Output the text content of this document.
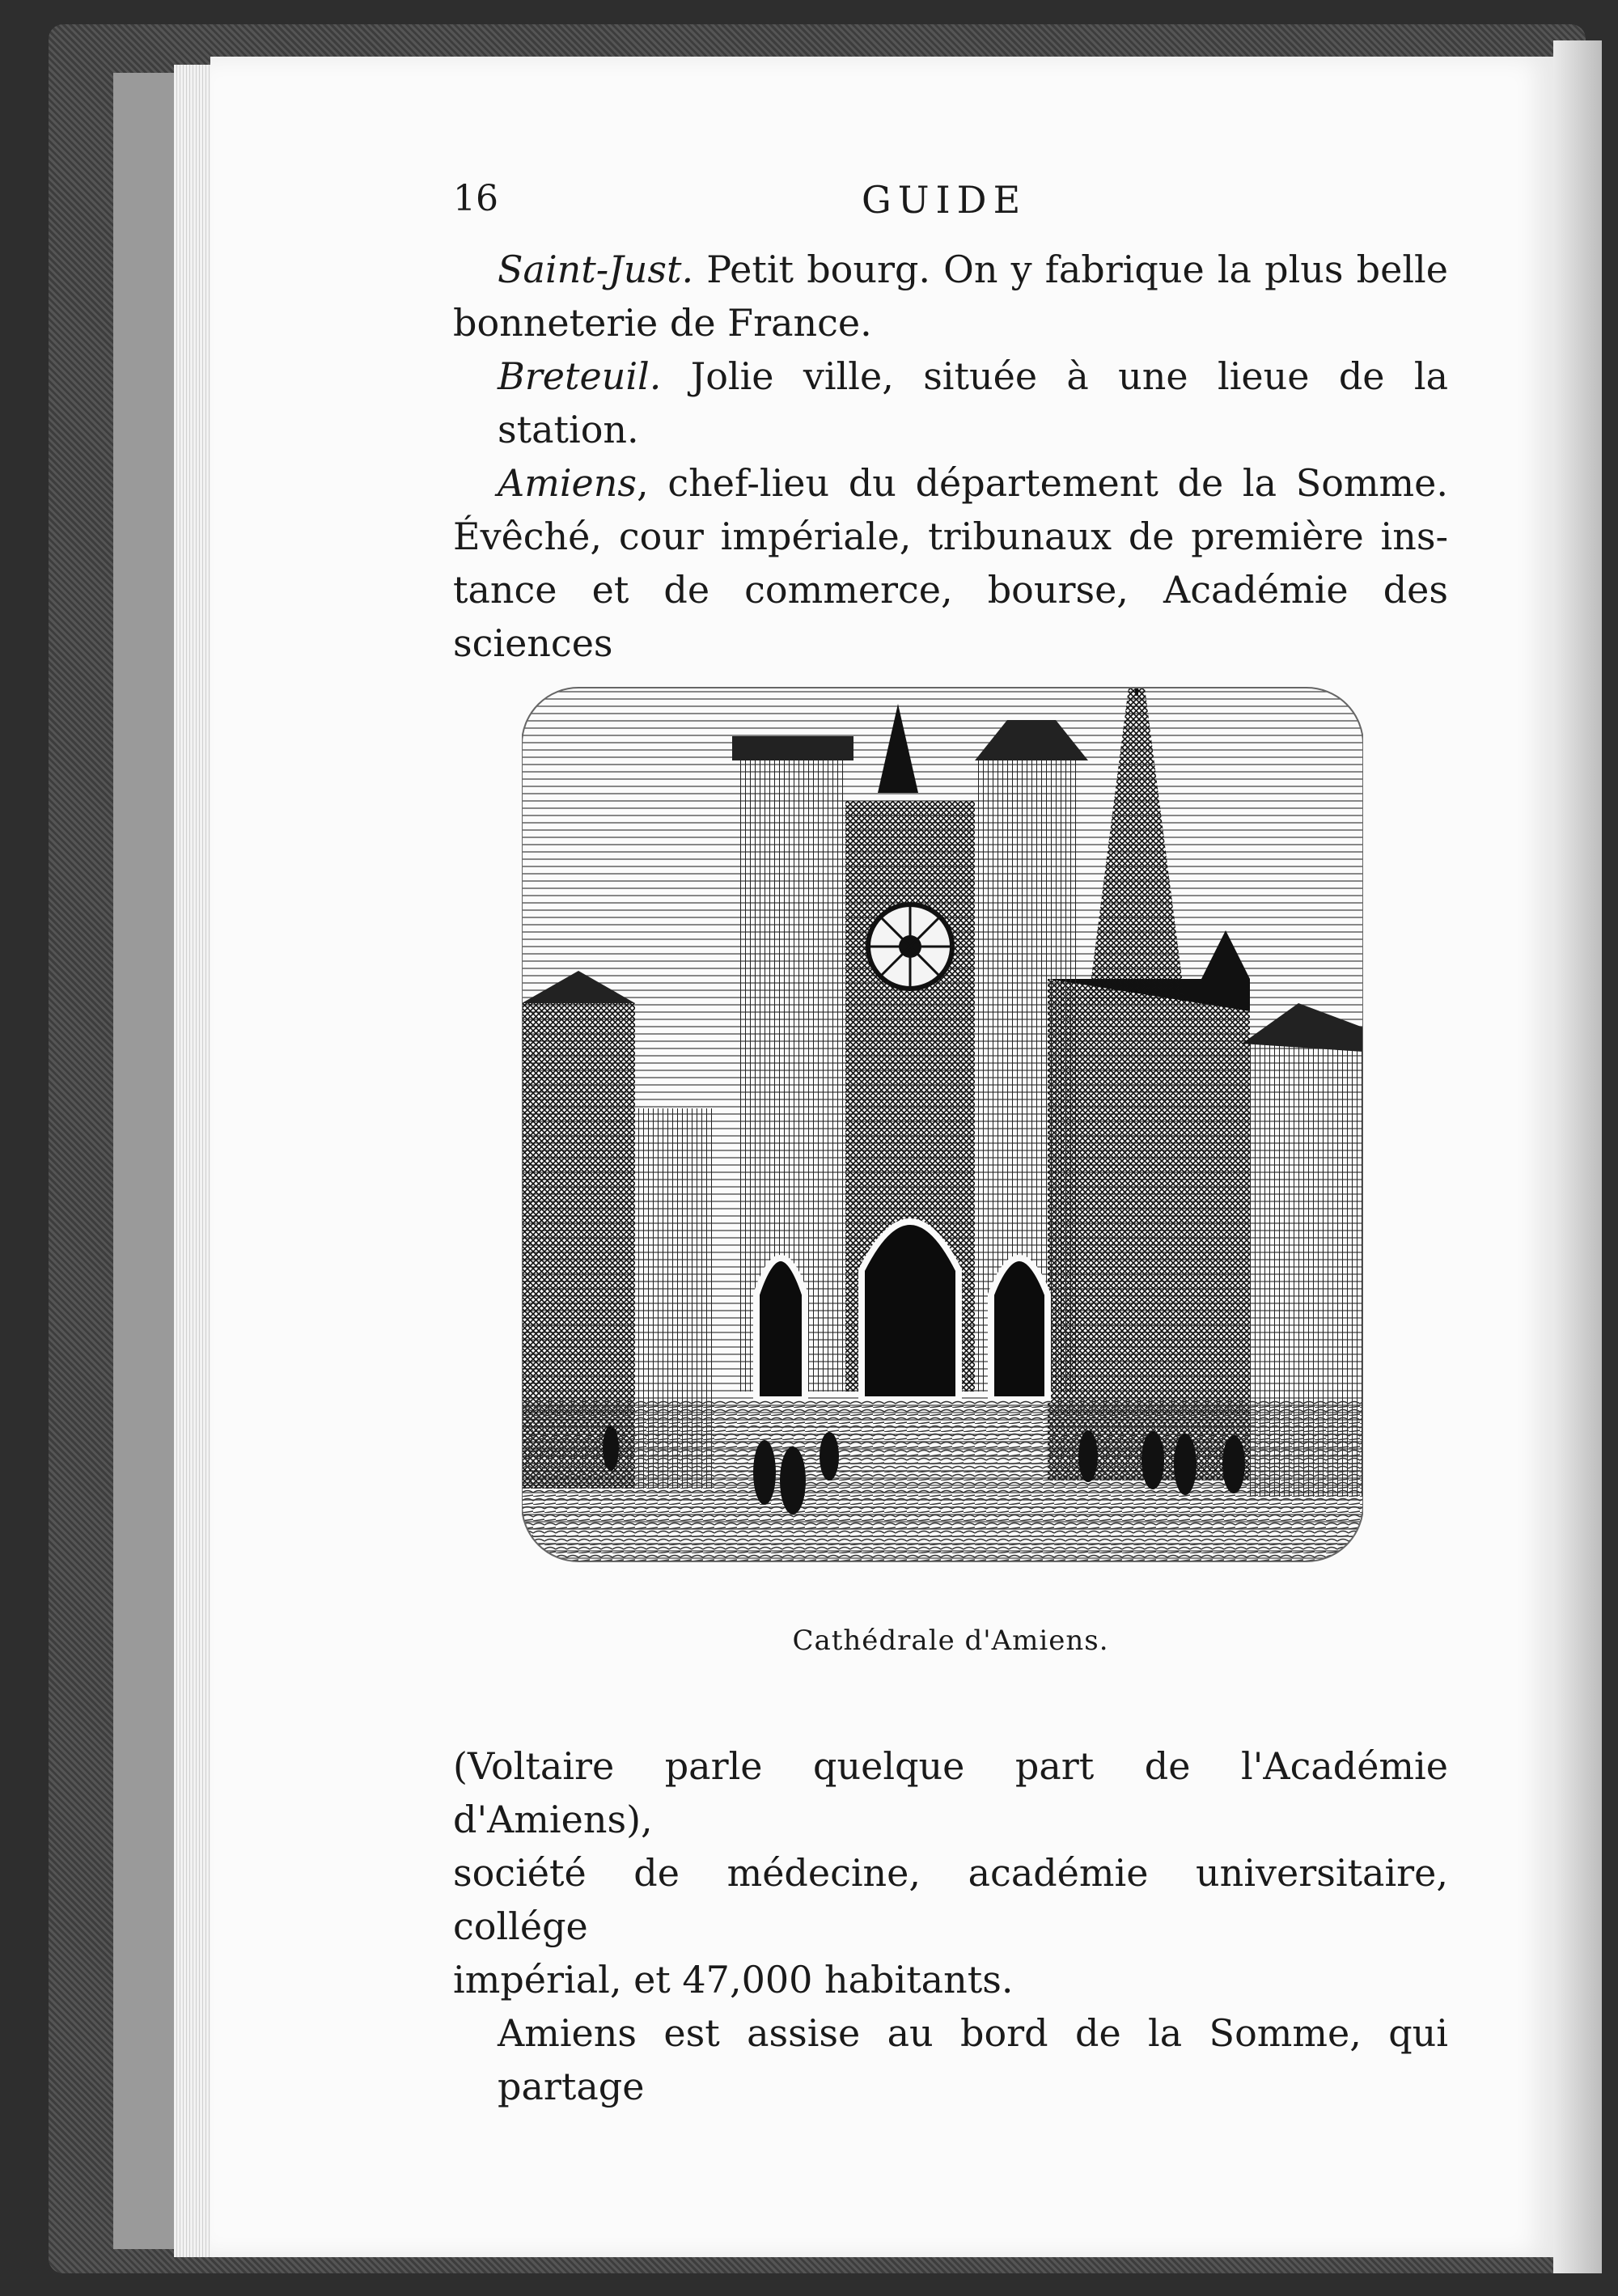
16	GUIDE
Saint-Just. Petit bourg. On y fabrique la plus belle
bonneterie de France.
Breteuil. Jolie ville, située à une lieue de la station.
Amiens, chef-lieu du département de la Somme.
Évêché, cour impériale, tribunaux de première ins-
tance et de commerce, bourse, Académie des sciences
Cathédrale d'Amiens.
(Voltaire parle quelque part de l'Académie d'Amiens),
société de médecine, académie universitaire, collége
impérial, et 47,000 habitants.
Amiens est assise au bord de la Somme, qui partage
